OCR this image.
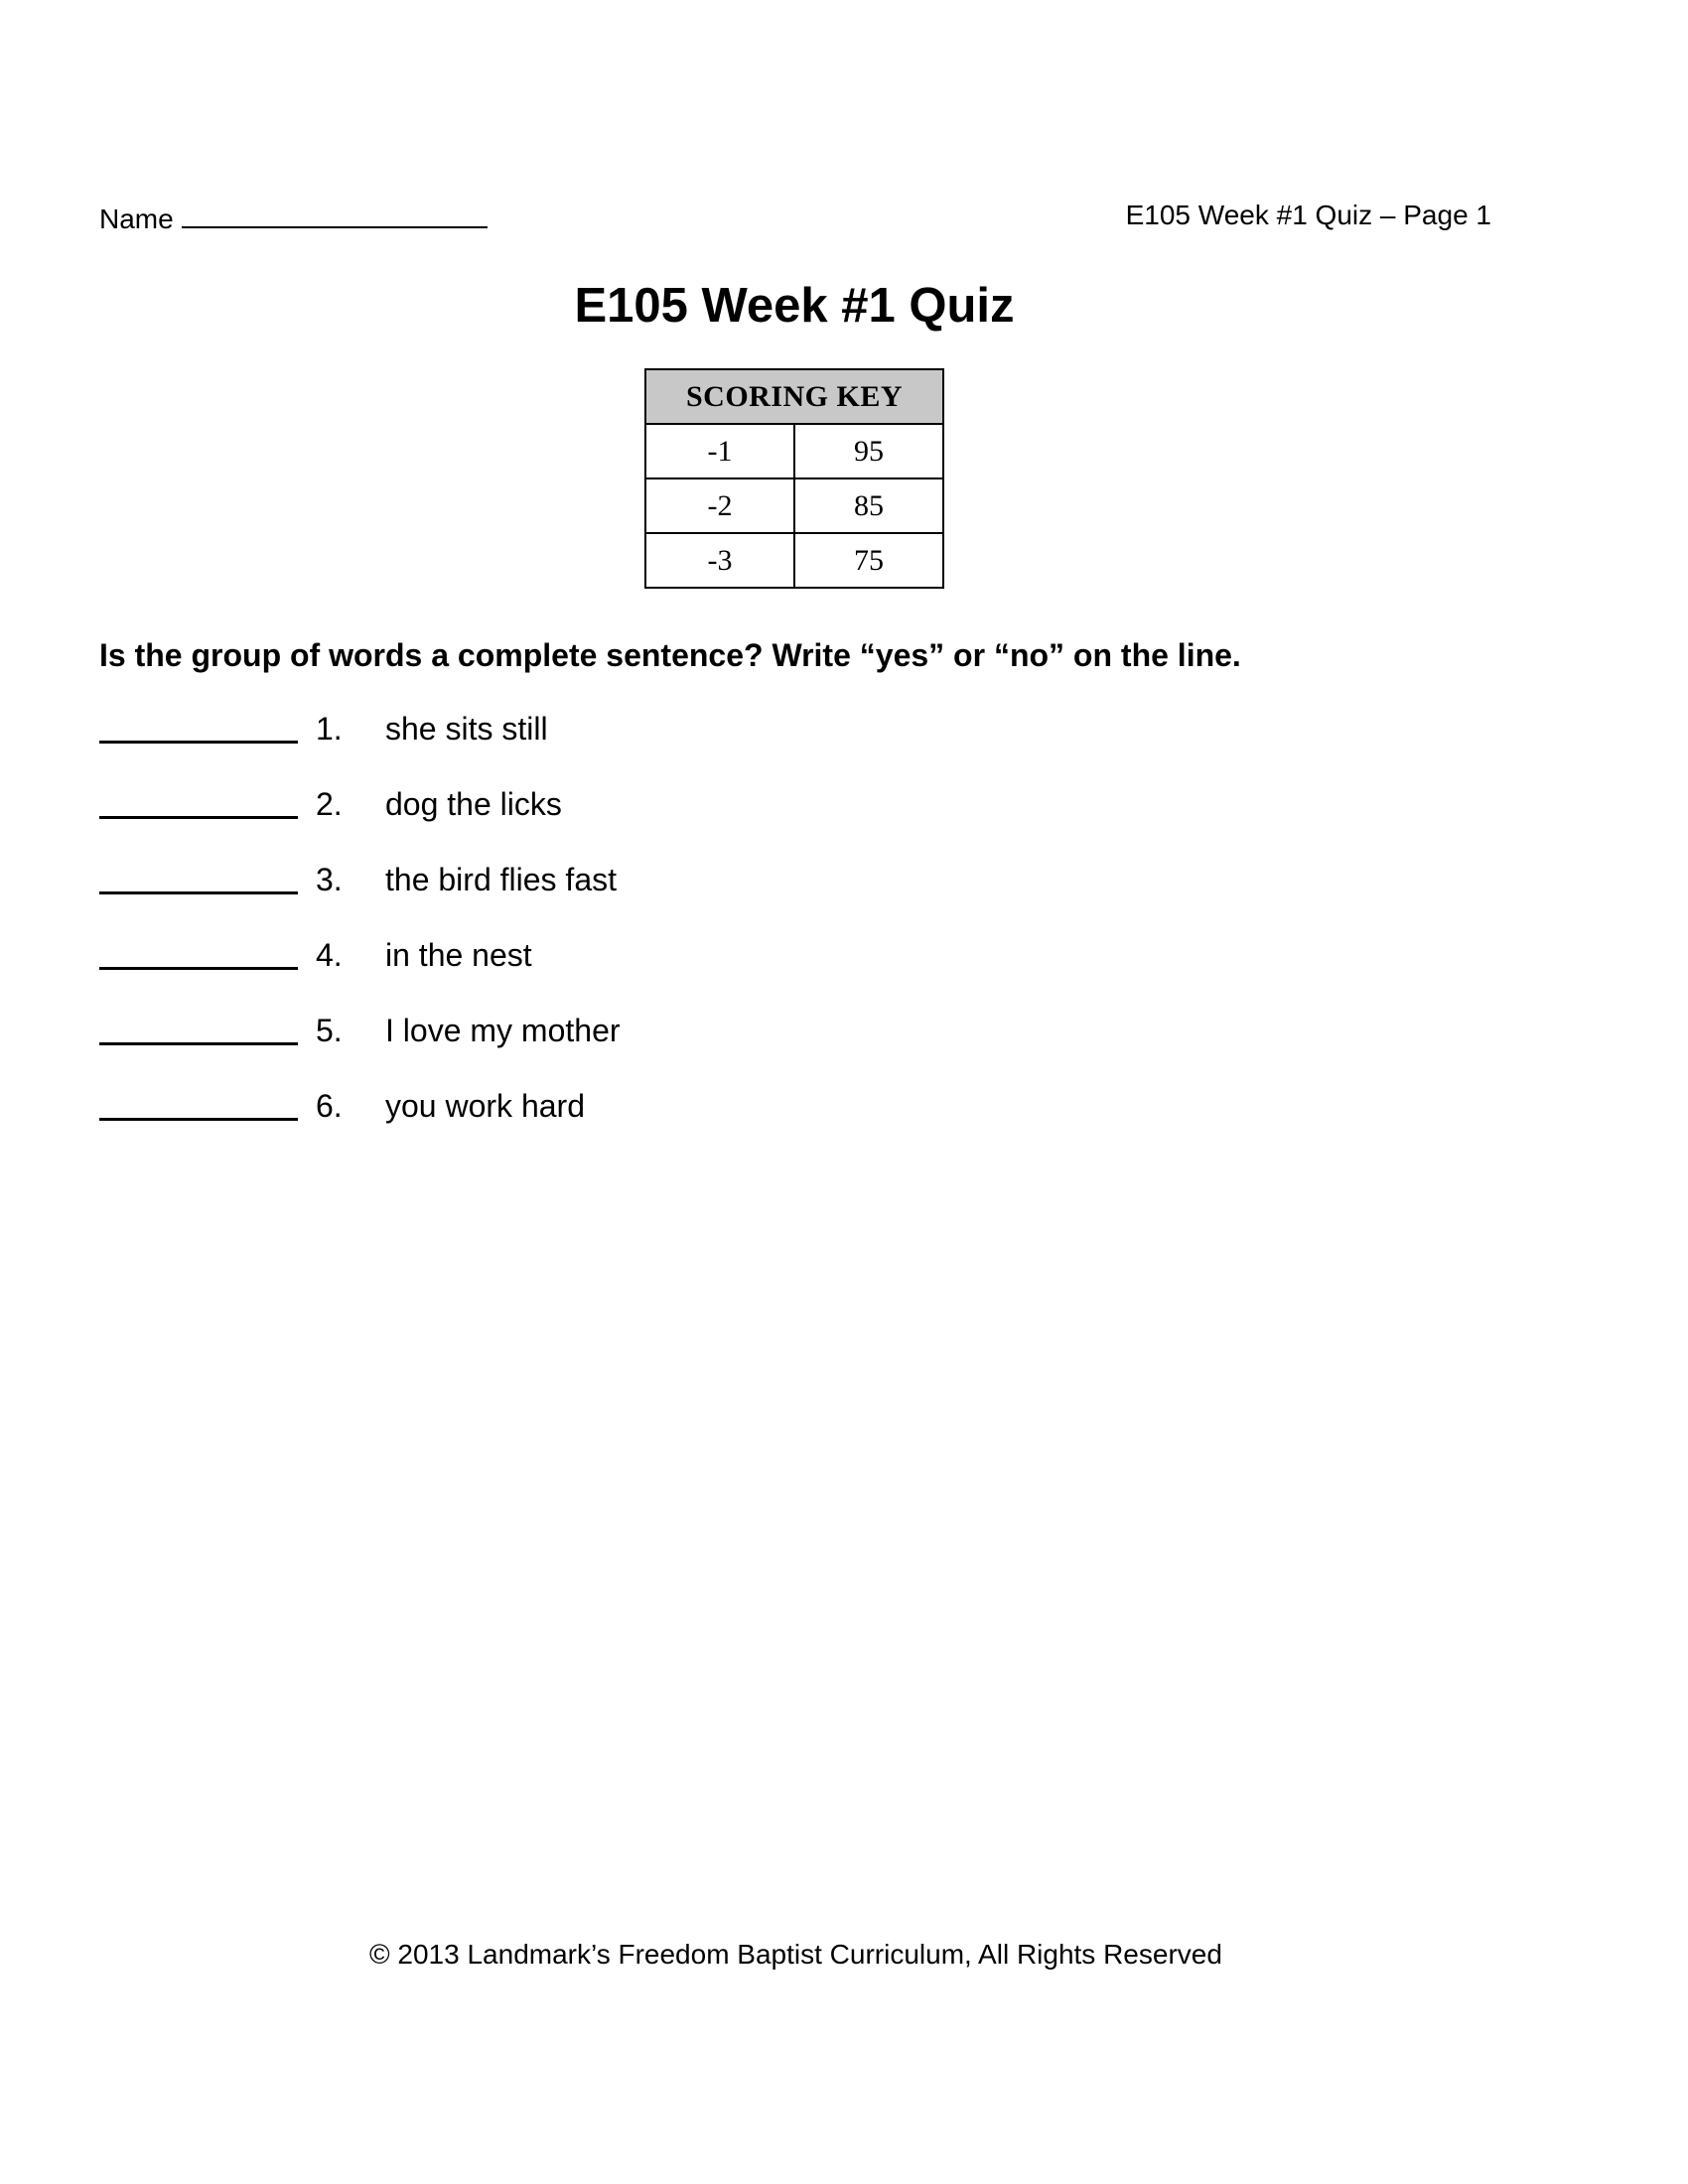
Name	E105 Week #1 Quiz – Page 1
E105 Week #1 Quiz
SCORING KEY	
-1	95
-2	85
-3	75
Is the group of words a complete sentence? Write “yes” or “no” on the line.
1. she sits still
2. dog the licks
3. the bird flies fast
4. in the nest
5. I love my mother
6. you work hard
© 2013 Landmark’s Freedom Baptist Curriculum, All Rights Reserved
